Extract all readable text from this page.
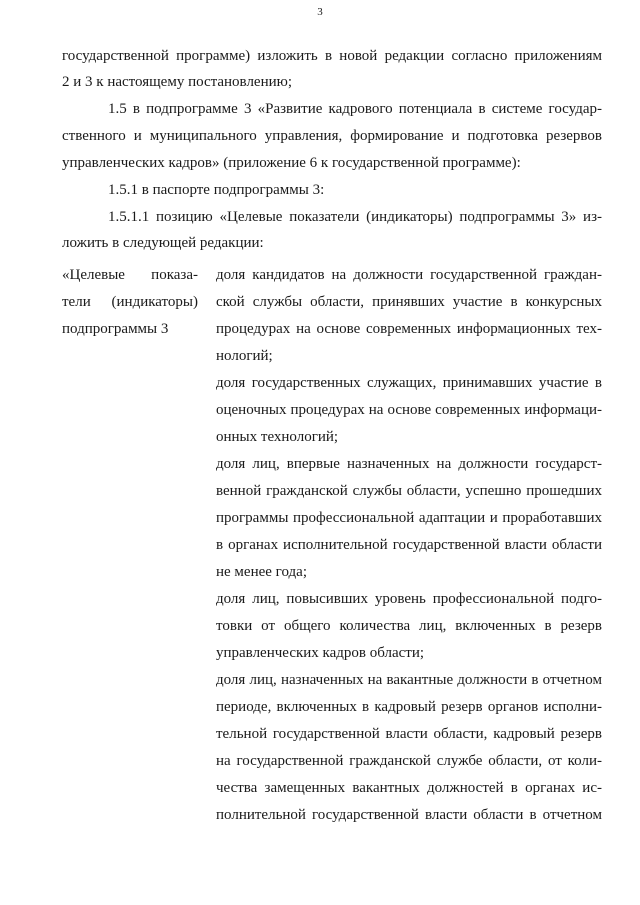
3
государственной программе) изложить в новой редакции согласно приложениям
2 и 3 к настоящему постановлению;
1.5 в подпрограмме 3 «Развитие кадрового потенциала в системе государ-
ственного и муниципального управления, формирование и подготовка резервов
управленческих кадров» (приложение 6 к государственной программе):
1.5.1 в паспорте подпрограммы 3:
1.5.1.1 позицию «Целевые показатели (индикаторы) подпрограммы 3» из-
ложить в следующей редакции:
«Целевые показа-
тели (индикаторы)
подпрограммы 3
доля кандидатов на должности государственной граждан-
ской службы области, принявших участие в конкурсных
процедурах на основе современных информационных тех-
нологий;
доля государственных служащих, принимавших участие в
оценочных процедурах на основе современных информаци-
онных технологий;
доля лиц, впервые назначенных на должности государст-
венной гражданской службы области, успешно прошедших
программы профессиональной адаптации и проработавших
в органах исполнительной государственной власти области
не менее года;
доля лиц, повысивших уровень профессиональной подго-
товки от общего количества лиц, включенных в резерв
управленческих кадров области;
доля лиц, назначенных на вакантные должности в отчетном
периоде, включенных в кадровый резерв органов исполни-
тельной государственной власти области, кадровый резерв
на государственной гражданской службе области, от коли-
чества замещенных вакантных должностей в органах ис-
полнительной государственной власти области в отчетном
